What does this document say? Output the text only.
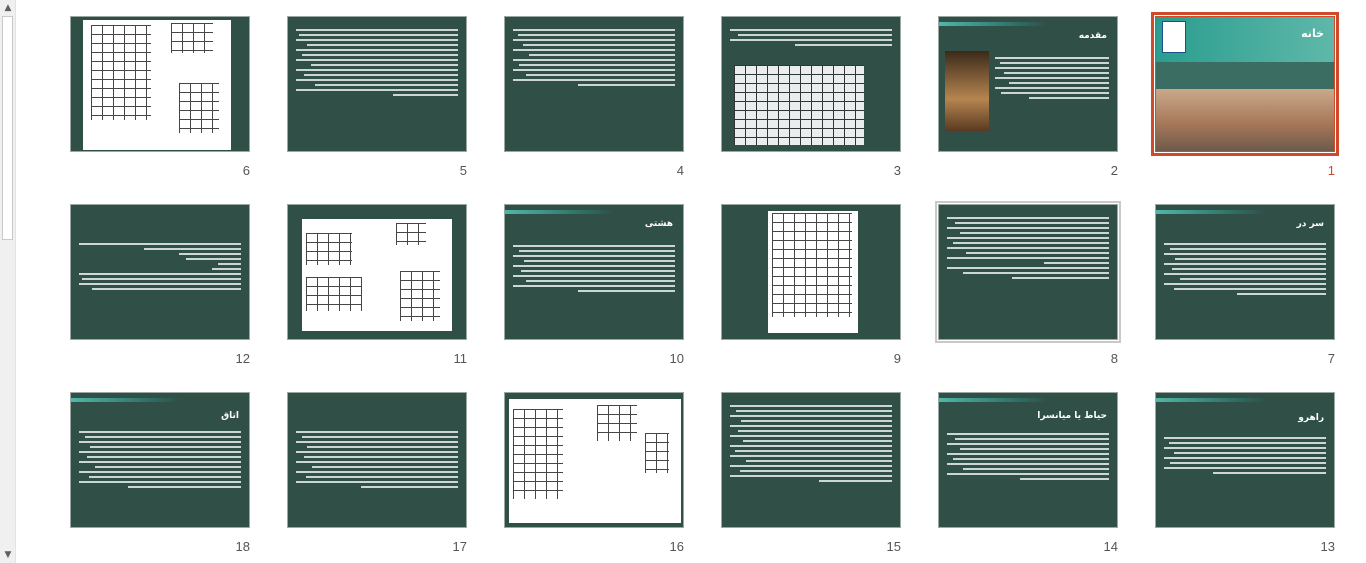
▲
▼
خانه
1
مقدمه
2
3
4
5
6
سر در
7
8
9
هشتی
10
11
12
راهرو
13
حیاط یا میانسرا
14
15
16
17
اتاق
18
